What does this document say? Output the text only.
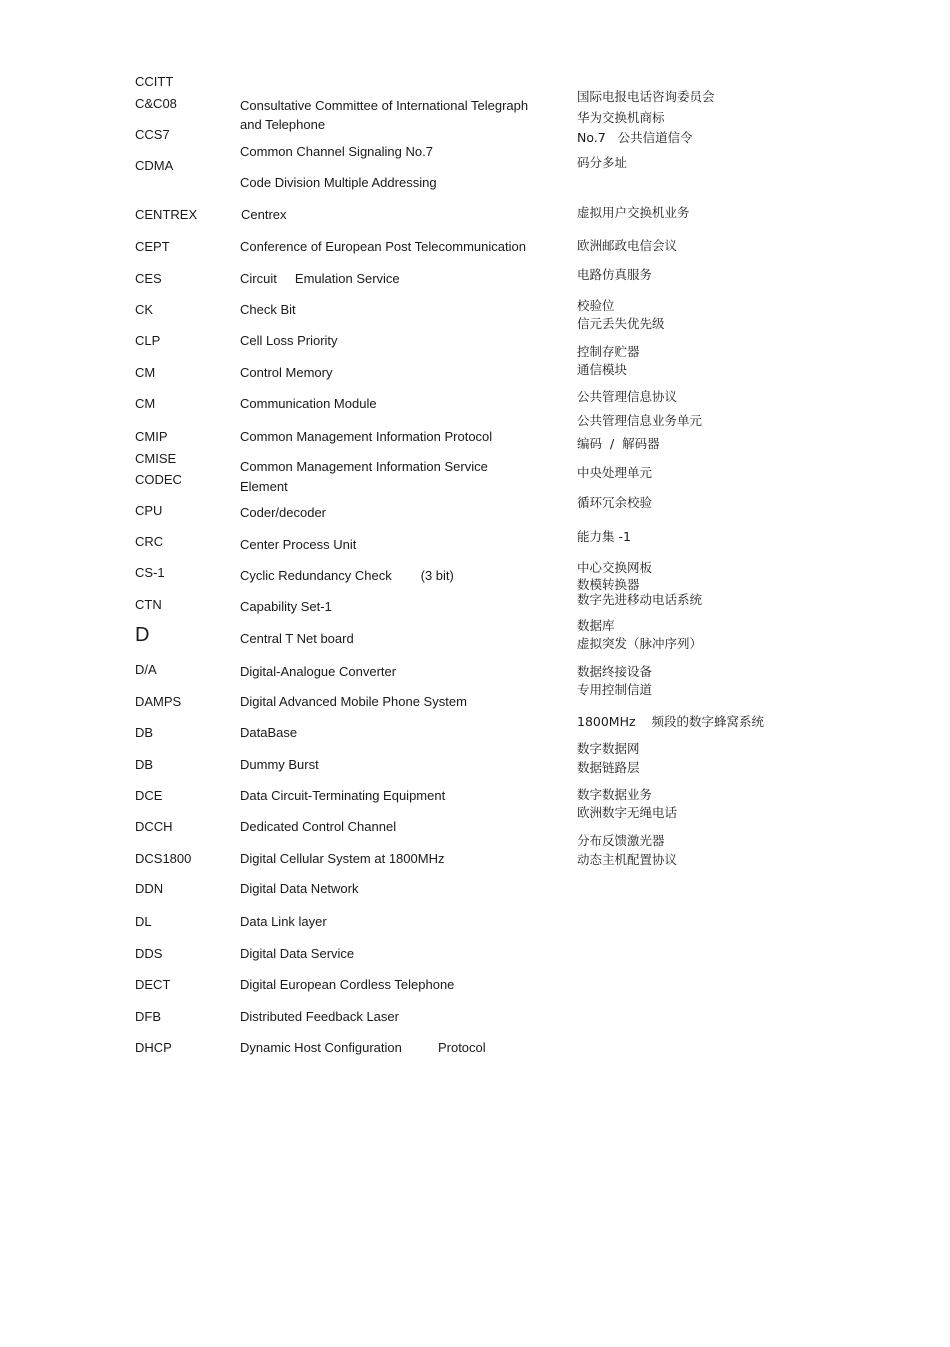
CCITT
C&C08
CCS7
CDMA
CENTREX
CEPT
CES
CK
CLP
CM
CM
CMIP
CMISE
CODEC
CPU
CRC
CS-1
CTN
D
D/A
DAMPS
DB
DB
DCE
DCCH
DCS1800
DDN
DL
DDS
DECT
DFB
DHCP
Consultative Committee of International Telegraph
and Telephone
Common Channel Signaling No.7
Code Division Multiple Addressing
Centrex
Conference of European Post Telecommunication
Circuit     Emulation Service
Check Bit
Cell Loss Priority
Control Memory
Communication Module
Common Management Information Protocol
Common Management Information Service
Element
Coder/decoder
Center Process Unit
Cyclic Redundancy Check        (3 bit)
Capability Set-1
Central T Net board
Digital-Analogue Converter
Digital Advanced Mobile Phone System
DataBase
Dummy Burst
Data Circuit-Terminating Equipment
Dedicated Control Channel
Digital Cellular System at 1800MHz
Digital Data Network
Data Link layer
Digital Data Service
Digital European Cordless Telephone
Distributed Feedback Laser
Dynamic Host Configuration          Protocol
国际电报电话咨询委员会
华为交换机商标
No.7   公共信道信令
码分多址
虚拟用户交换机业务
欧洲邮政电信会议
电路仿真服务
校验位
信元丢失优先级
控制存贮器
通信模块
公共管理信息协议
公共管理信息业务单元
编码  /  解码器
中央处理单元
循环冗余校验
能力集 -1
中心交换网板
数模转换器
数字先进移动电话系统
数据库
虚拟突发（脉冲序列）
数据终接设备
专用控制信道
1800MHz    频段的数字蜂窝系统
数字数据网
数据链路层
数字数据业务
欧洲数字无绳电话
分布反馈激光器
动态主机配置协议
